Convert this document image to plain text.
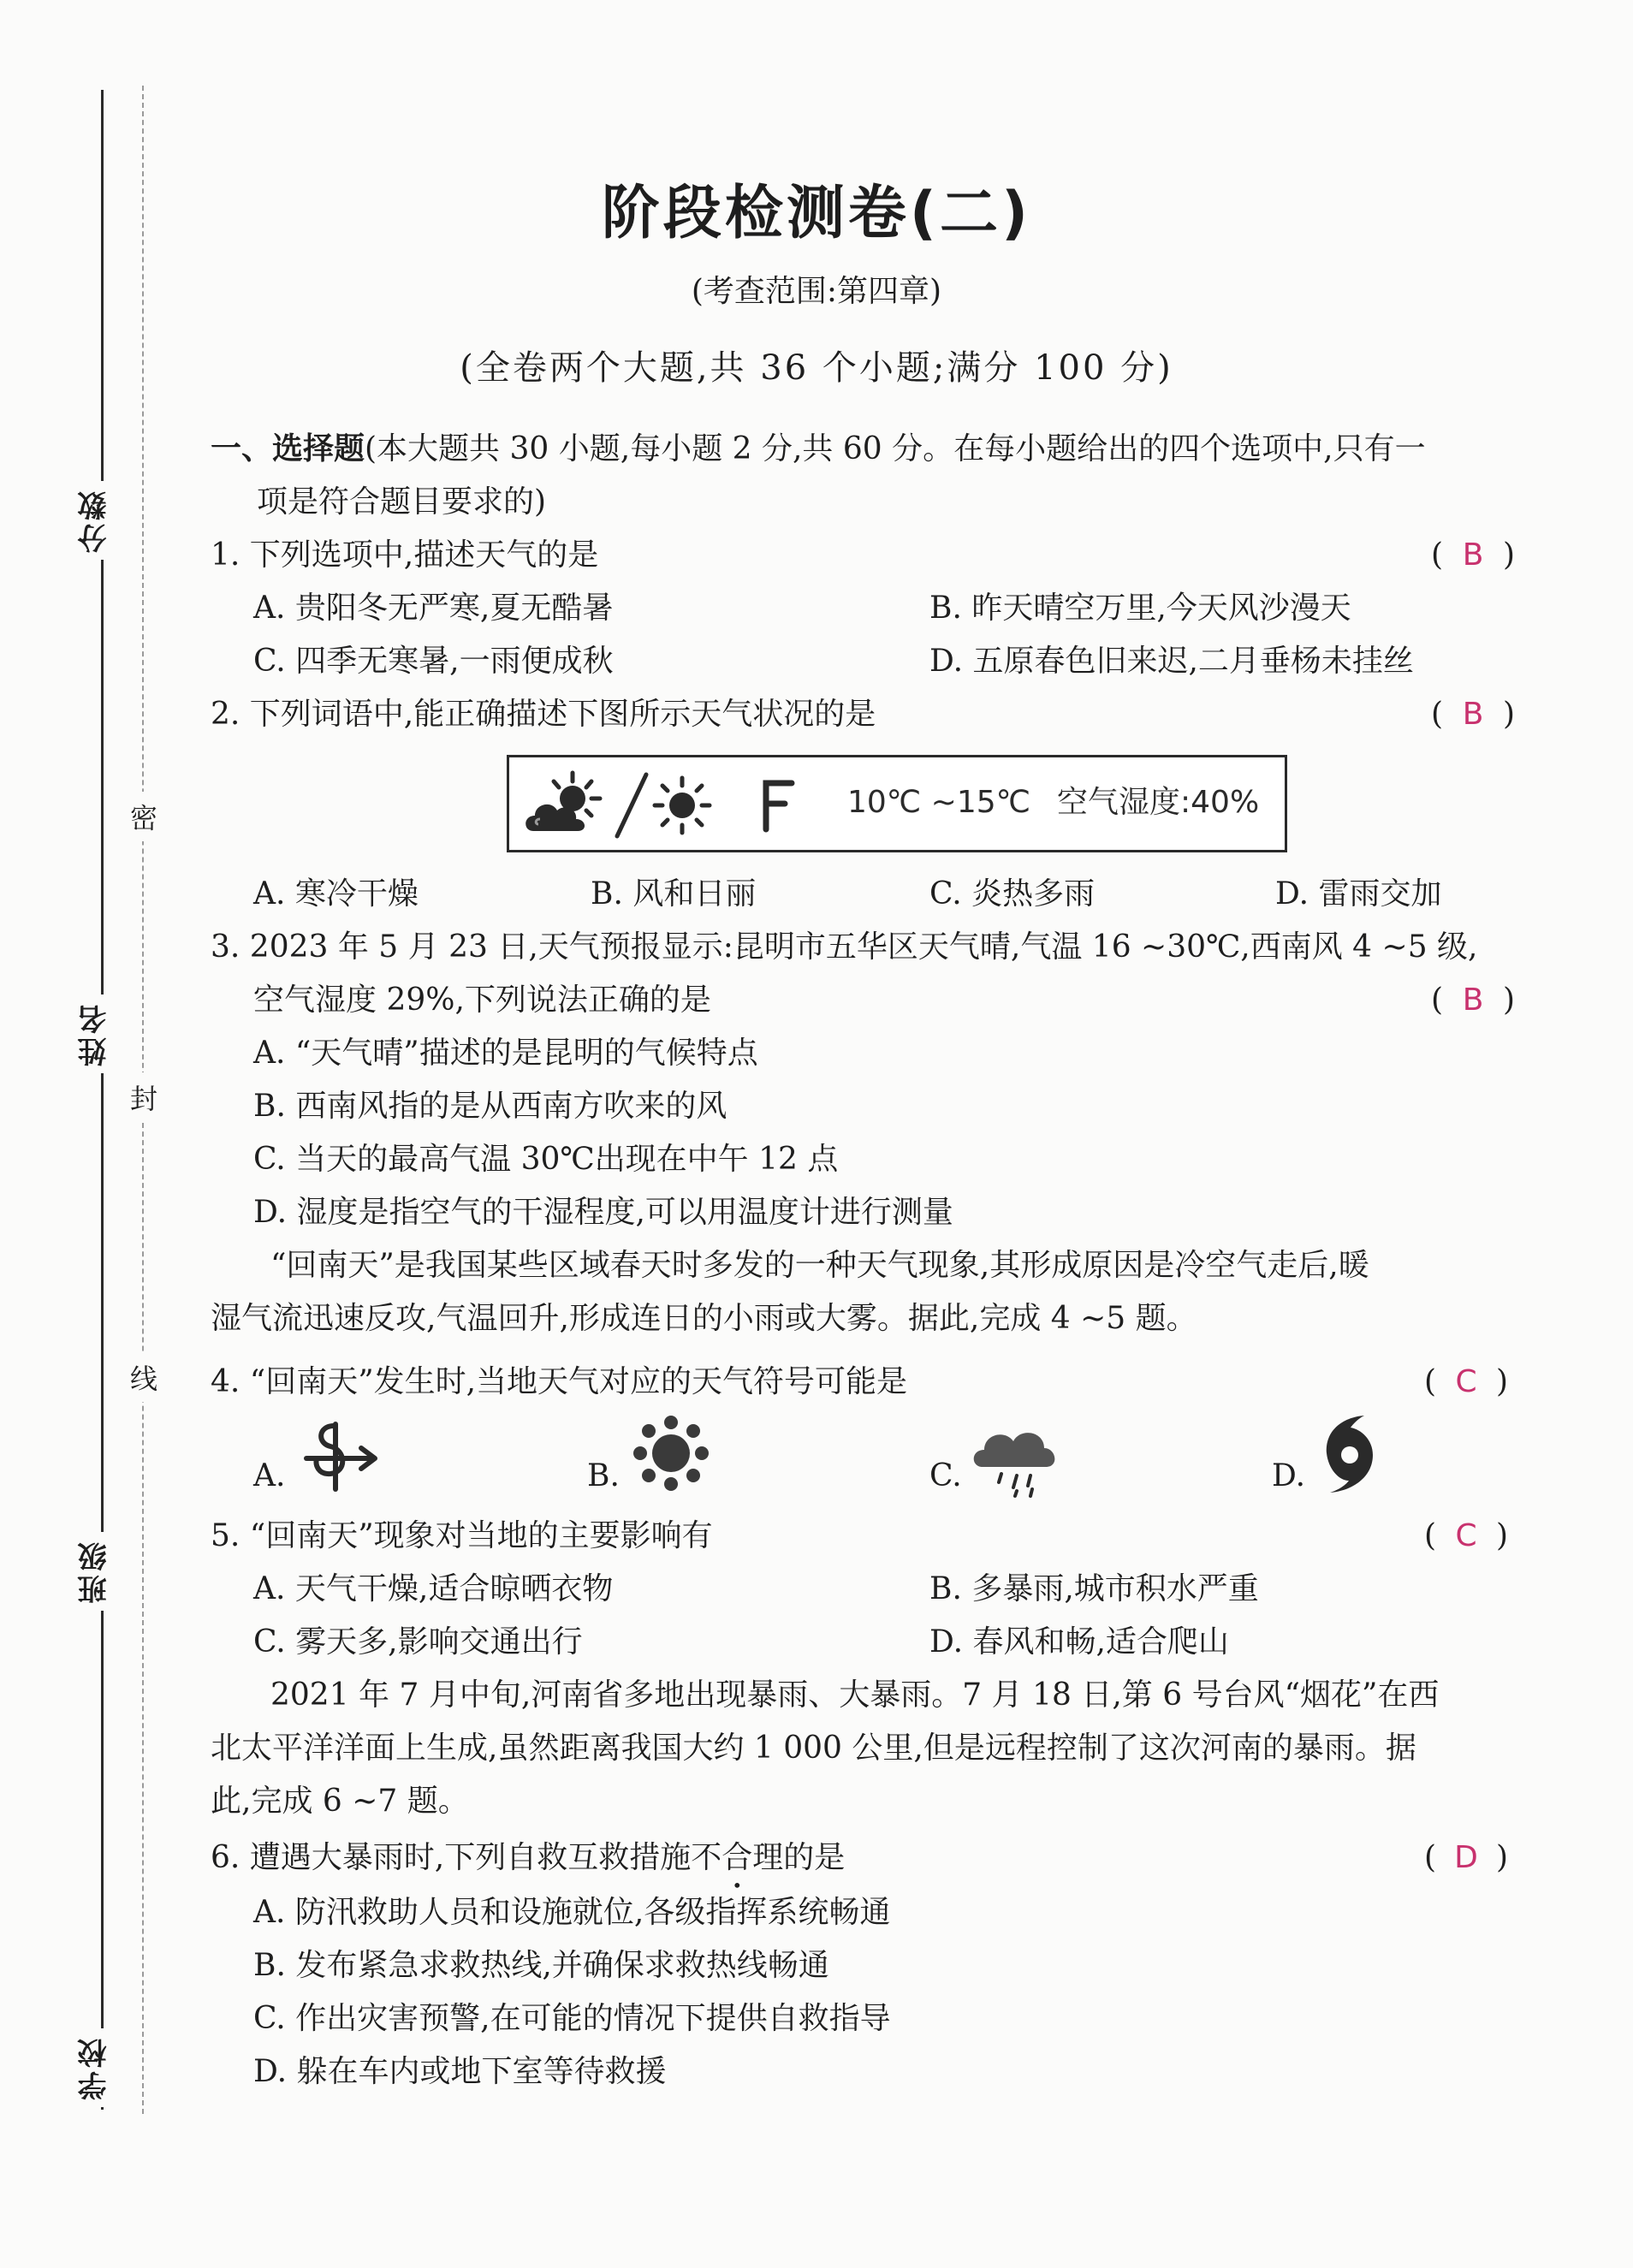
分数
姓名
班级
学校
密
封
线
阶段检测卷(二)
(考查范围:第四章)
(全卷两个大题,共 36 个小题;满分 100 分)
一、选择题(本大题共 30 小题,每小题 2 分,共 60 分。在每小题给出的四个选项中,只有一
项是符合题目要求的)
1. 下列选项中,描述天气的是	( B )
A. 贵阳冬无严寒,夏无酷暑	B. 昨天晴空万里,今天风沙漫天
C. 四季无寒暑,一雨便成秋	D. 五原春色旧来迟,二月垂杨未挂丝
2. 下列词语中,能正确描述下图所示天气状况的是	( B )
10℃ ~15℃ 空气湿度:40%
A. 寒冷干燥	B. 风和日丽	C. 炎热多雨	D. 雷雨交加
3. 2023 年 5 月 23 日,天气预报显示:昆明市五华区天气晴,气温 16 ~30℃,西南风 4 ~5 级,
空气湿度 29%,下列说法正确的是	( B )
A. “天气晴”描述的是昆明的气候特点
B. 西南风指的是从西南方吹来的风
C. 当天的最高气温 30℃出现在中午 12 点
D. 湿度是指空气的干湿程度,可以用温度计进行测量
“回南天”是我国某些区域春天时多发的一种天气现象,其形成原因是冷空气走后,暖
湿气流迅速反攻,气温回升,形成连日的小雨或大雾。据此,完成 4 ~5 题。
4. “回南天”发生时,当地天气对应的天气符号可能是	( C )
A.	B.	C.	D.
5. “回南天”现象对当地的主要影响有	( C )
A. 天气干燥,适合晾晒衣物	B. 多暴雨,城市积水严重
C. 雾天多,影响交通出行	D. 春风和畅,适合爬山
2021 年 7 月中旬,河南省多地出现暴雨、大暴雨。7 月 18 日,第 6 号台风“烟花”在西
北太平洋洋面上生成,虽然距离我国大约 1 000 公里,但是远程控制了这次河南的暴雨。据
此,完成 6 ~7 题。
6. 遭遇大暴雨时,下列自救互救措施不合理的是	( D )
A. 防汛救助人员和设施就位,各级指挥系统畅通
B. 发布紧急求救热线,并确保求救热线畅通
C. 作出灾害预警,在可能的情况下提供自救指导
D. 躲在车内或地下室等待救援
